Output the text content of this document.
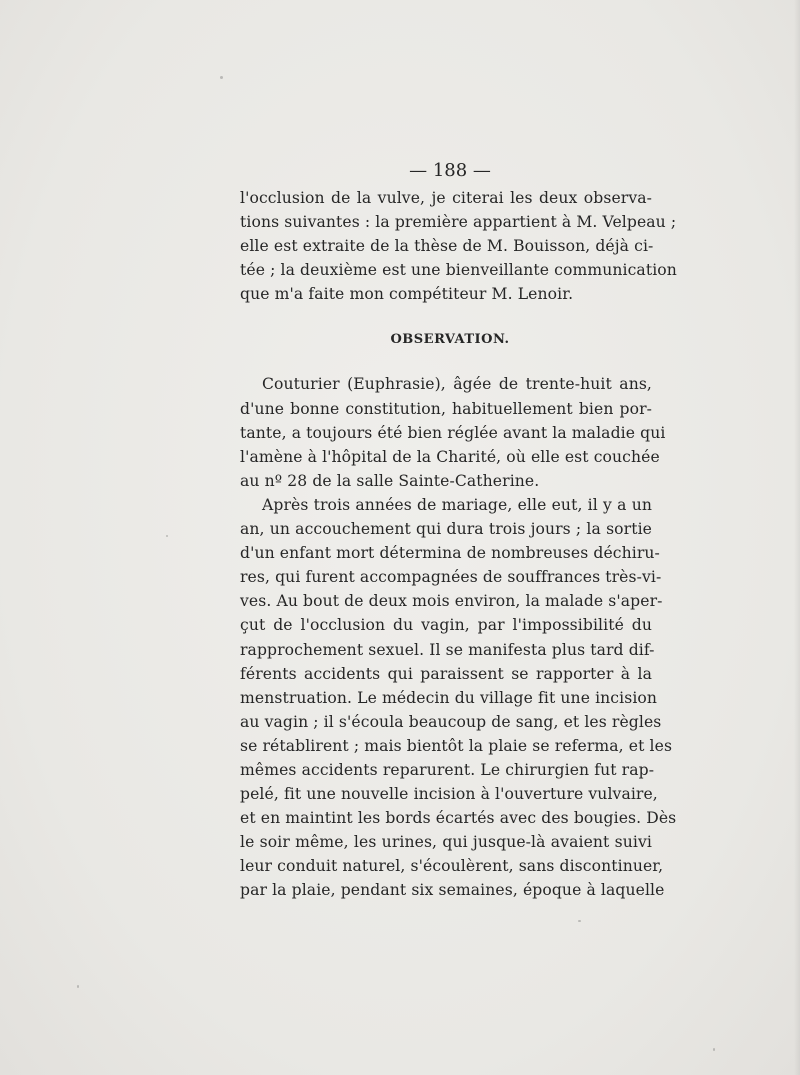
— 188 —
l'occlusion de la vulve, je citerai les deux observa-
tions suivantes : la première appartient à M. Velpeau ;
elle est extraite de la thèse de M. Bouisson, déjà ci-
tée ; la deuxième est une bienveillante communication
que m'a faite mon compétiteur M. Lenoir.
OBSERVATION.
Couturier (Euphrasie), âgée de trente-huit ans,
d'une bonne constitution, habituellement bien por-
tante, a toujours été bien réglée avant la maladie qui
l'amène à l'hôpital de la Charité, où elle est couchée
au nº 28 de la salle Sainte-Catherine.
Après trois années de mariage, elle eut, il y a un
an, un accouchement qui dura trois jours ; la sortie
d'un enfant mort détermina de nombreuses déchiru-
res, qui furent accompagnées de souffrances très-vi-
ves. Au bout de deux mois environ, la malade s'aper-
çut de l'occlusion du vagin, par l'impossibilité du
rapprochement sexuel. Il se manifesta plus tard dif-
férents accidents qui paraissent se rapporter à la
menstruation. Le médecin du village fit une incision
au vagin ; il s'écoula beaucoup de sang, et les règles
se rétablirent ; mais bientôt la plaie se referma, et les
mêmes accidents reparurent. Le chirurgien fut rap-
pelé, fit une nouvelle incision à l'ouverture vulvaire,
et en maintint les bords écartés avec des bougies. Dès
le soir même, les urines, qui jusque-là avaient suivi
leur conduit naturel, s'écoulèrent, sans discontinuer,
par la plaie, pendant six semaines, époque à laquelle
